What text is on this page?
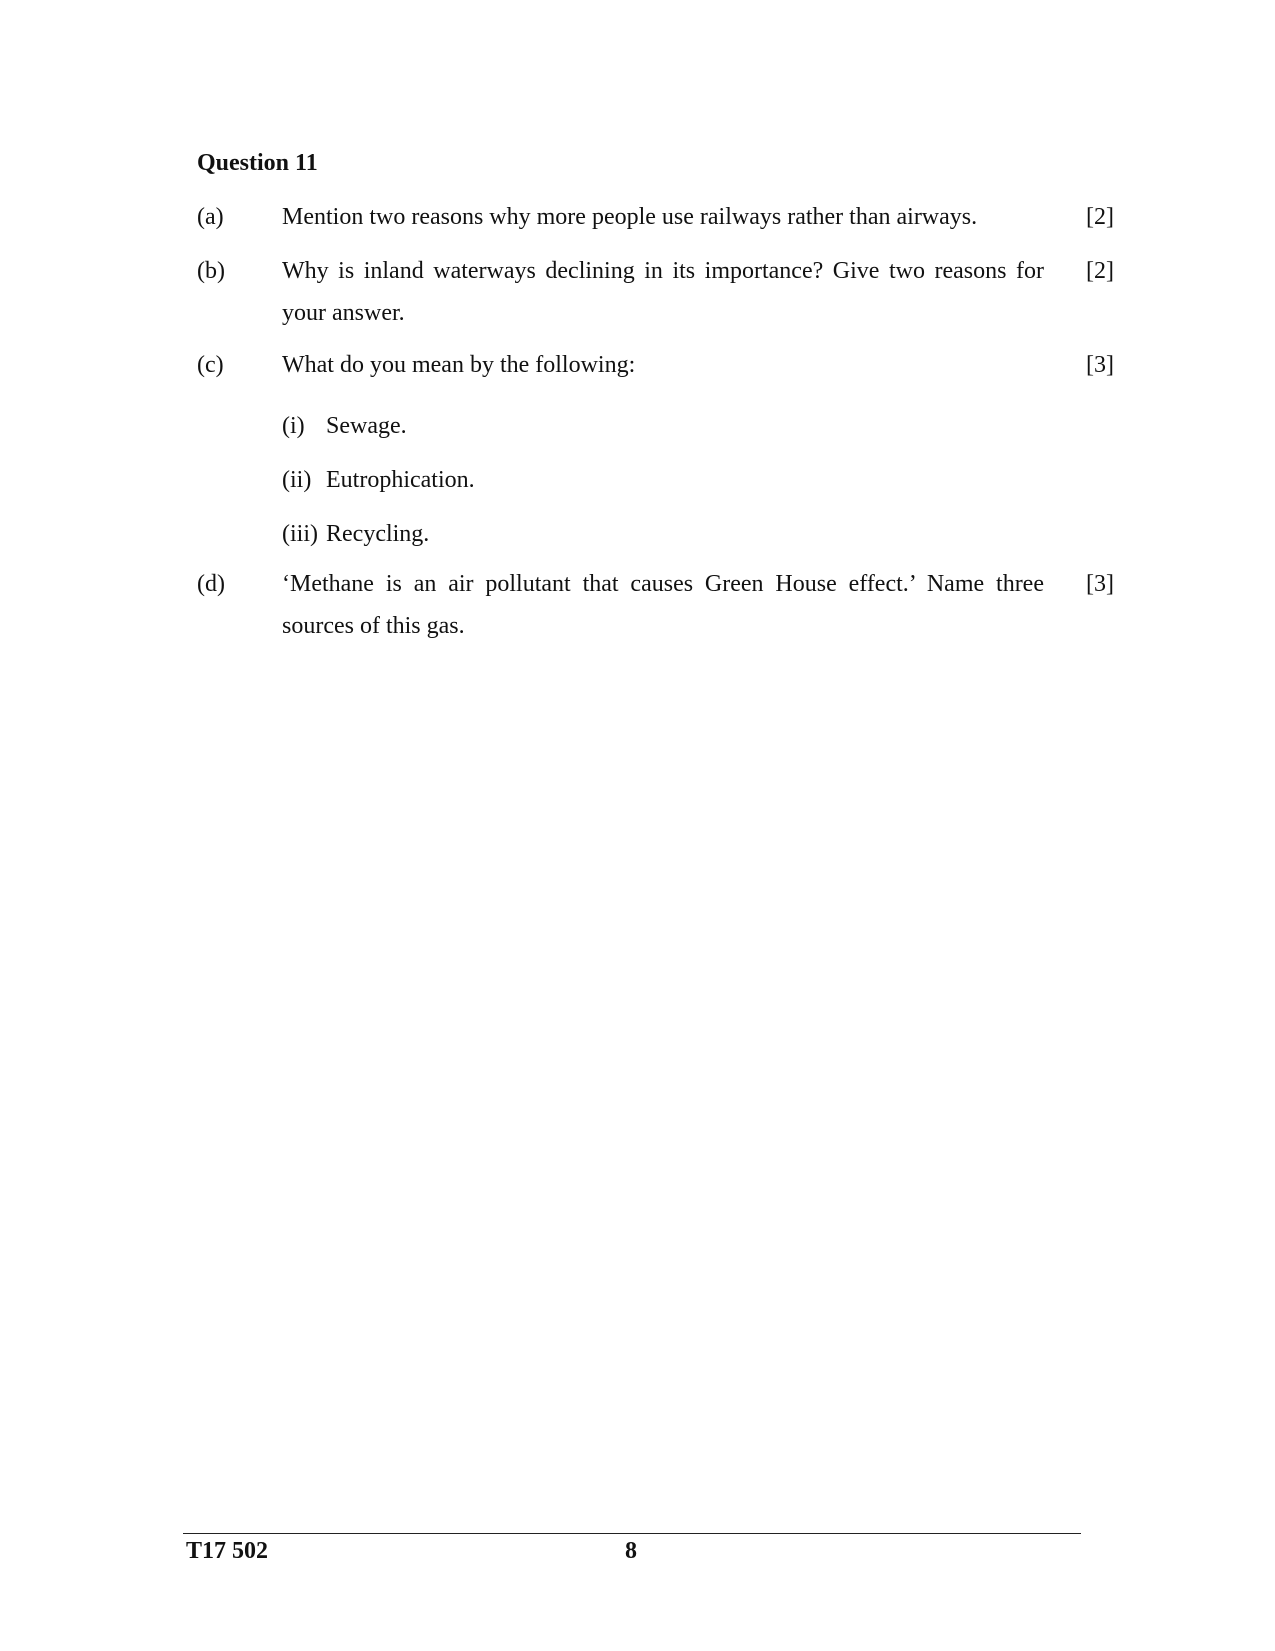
Question 11
(a) Mention two reasons why more people use railways rather than airways.	[2]
(b) Why is inland waterways declining in its importance? Give two reasons for your answer.
[2]
(c) What do you mean by the following:	[3]
(i) Sewage.
(ii) Eutrophication.
(iii) Recycling.
(d) ‘Methane is an air pollutant that causes Green House effect.’ Name three sources of this gas.
[3]
T17 502	8
